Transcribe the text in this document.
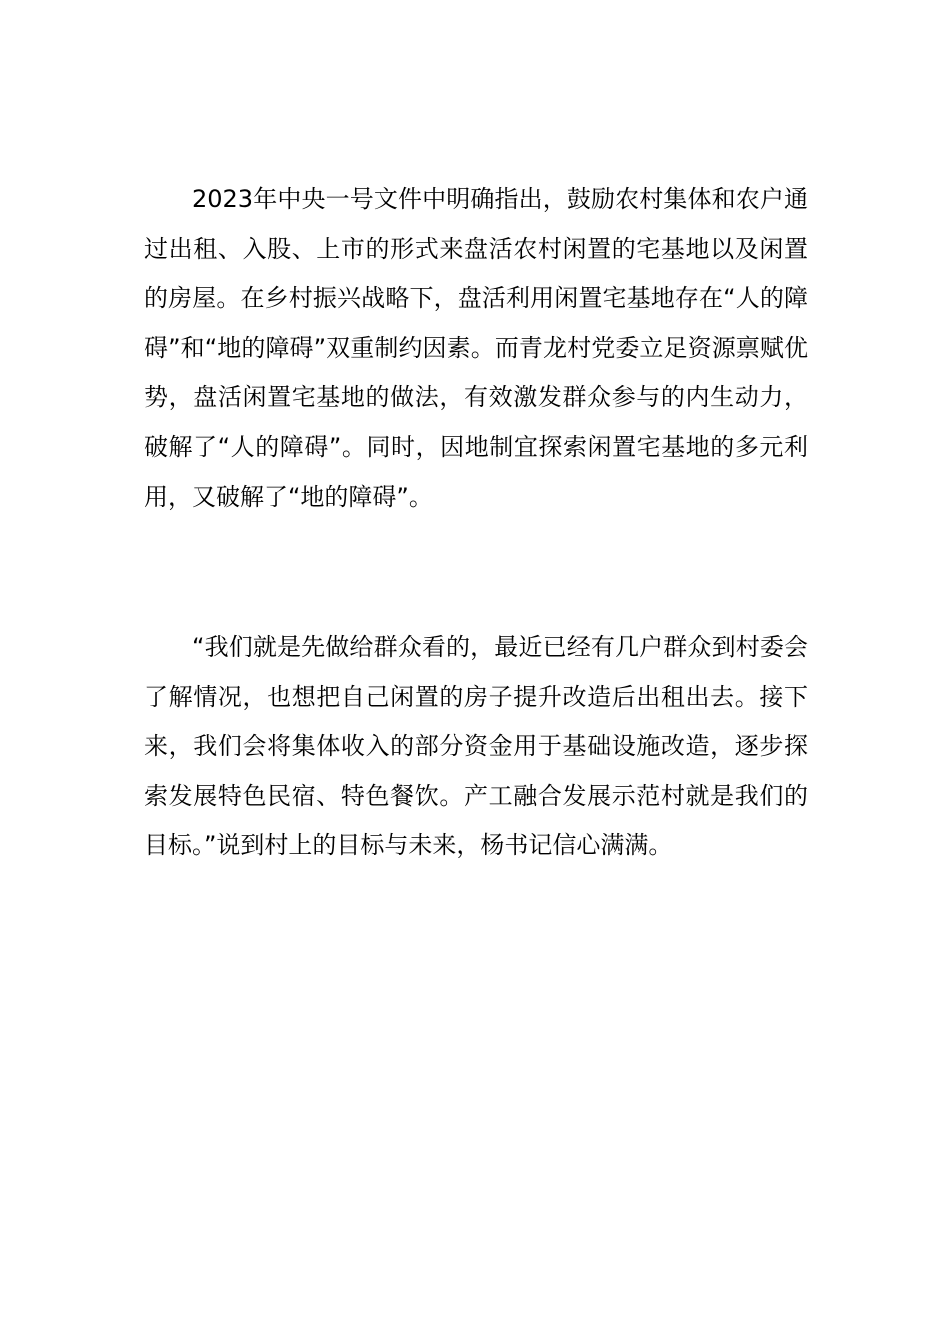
2023年中央一号文件中明确指出，鼓励农村集体和农户通过出租、入股、上市的形式来盘活农村闲置的宅基地以及闲置的房屋。在乡村振兴战略下，盘活利用闲置宅基地存在“人的障碍”和“地的障碍”双重制约因素。而青龙村党委立足资源禀赋优势，盘活闲置宅基地的做法，有效激发群众参与的内生动力，破解了“人的障碍”。同时，因地制宜探索闲置宅基地的多元利用，又破解了“地的障碍”。

“我们就是先做给群众看的，最近已经有几户群众到村委会了解情况，也想把自己闲置的房子提升改造后出租出去。接下来，我们会将集体收入的部分资金用于基础设施改造，逐步探索发展特色民宿、特色餐饮。产工融合发展示范村就是我们的目标。”说到村上的目标与未来，杨书记信心满满。
